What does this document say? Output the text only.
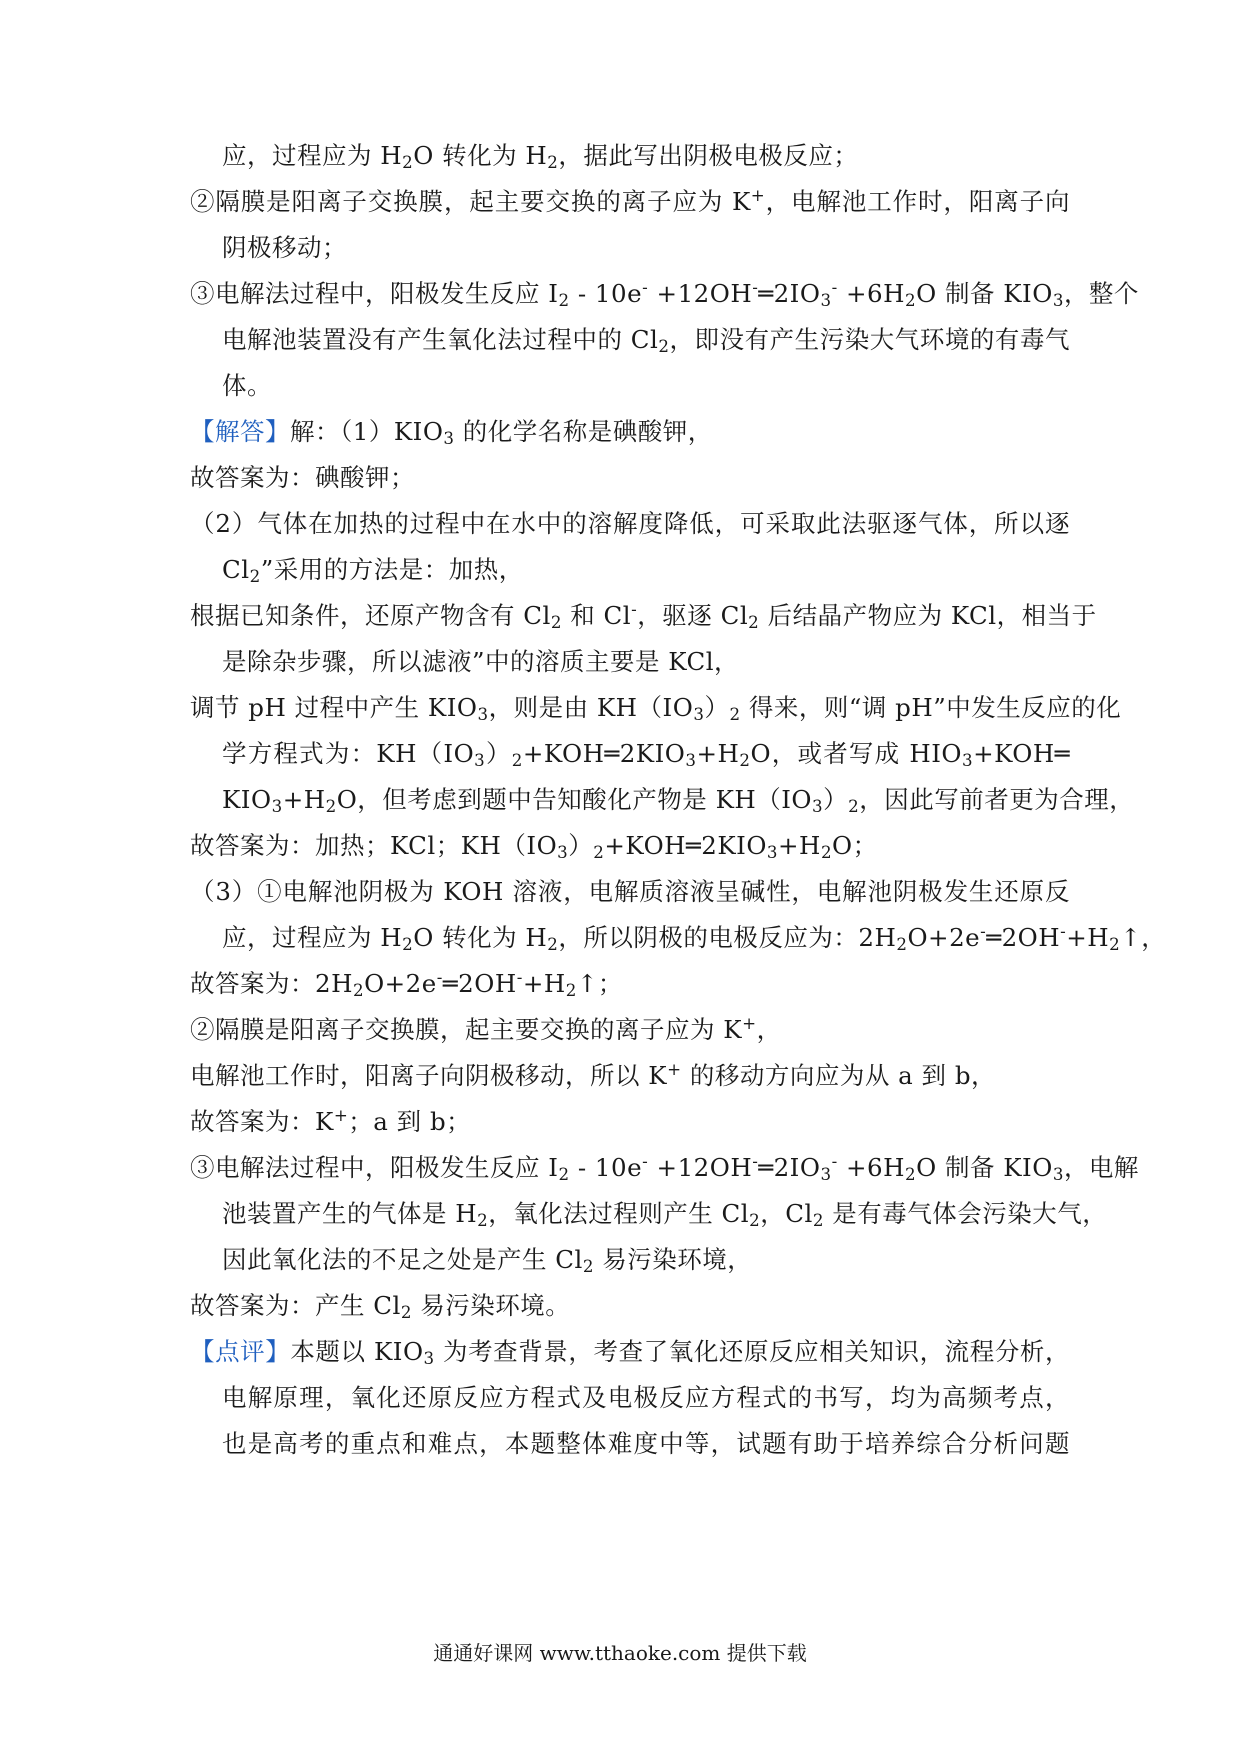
应，过程应为 $H_2O$ 转化为 $H_2$，据此写出阴极电极反应；
②隔膜是阳离子交换膜，起主要交换的离子应为 K+，电解池工作时，阳离子向
阴极移动；
③电解法过程中，阳极发生反应 $I_2 - 10e^-$ $+12OH^-═2IO_3^- +6H_2O$ 制备 $KIO_3$，整个
电解池装置没有产生氧化法过程中的 $Cl_2$，即没有产生污染大气环境的有毒气
体。
【解答】解：$(1)KIO_3$ 的化学名称是碘酸钾，
故答案为：碘酸钾；
（2）气体在加热的过程中在水中的溶解度降低，可采取此法驱逐气体，所以逐
$Cl_2$”采用的方法是：加热，
根据已知条件，还原产物含有 $Cl_2$ 和 Cl-，驱逐 $Cl_2$ 后结晶产物应为 KCl，相当于
是除杂步骤，所以滤液”中的溶质主要是 KCl，
调节 pH 过程中产生 $KIO_3$，则是由 $KH(IO_3)_2$ 得来，则“调 pH”中发生反应的化
学方程式为：$KH(IO_3)_2+KOH═2KIO_3+H_2O$，或者写成 $HIO_3+KOH═$
$KIO_3+H_2O$，但考虑到题中告知酸化产物是 $KH(IO_3)_2$，因此写前者更为合理，
故答案为：加热；KCl；$KH(IO_3)_2+KOH═2KIO_3+H_2O$；
（3）①电解池阴极为 KOH 溶液，电解质溶液呈碱性，电解池阴极发生还原反
应，过程应为 $H_2O$ 转化为 $H_2$，所以阴极的电极反应为：$2H_2O+2e^-═2OH^-+H_2↑$，
故答案为：$2H_2O+2e^-═2OH^-+H_2↑$；
②隔膜是阳离子交换膜，起主要交换的离子应为 K+，
电解池工作时，阳离子向阴极移动，所以 K+ 的移动方向应为从 a 到 b，
故答案为：K+；a 到 b；
③电解法过程中，阳极发生反应 $I_2 - 10e^-$ $+12OH^-═2IO_3^- +6H_2O$ 制备 $KIO_3$，电解
池装置产生的气体是 $H_2$，氧化法过程则产生 $Cl_2$，$Cl_2$ 是有毒气体会污染大气，
因此氧化法的不足之处是产生 $Cl_2$ 易污染环境，
故答案为：产生 $Cl_2$ 易污染环境。
【点评】本题以 $KIO_3$ 为考查背景，考查了氧化还原反应相关知识，流程分析，
电解原理，氧化还原反应方程式及电极反应方程式的书写，均为高频考点，
也是高考的重点和难点，本题整体难度中等，试题有助于培养综合分析问题
通通好课网 www.tthaoke.com 提供下载
